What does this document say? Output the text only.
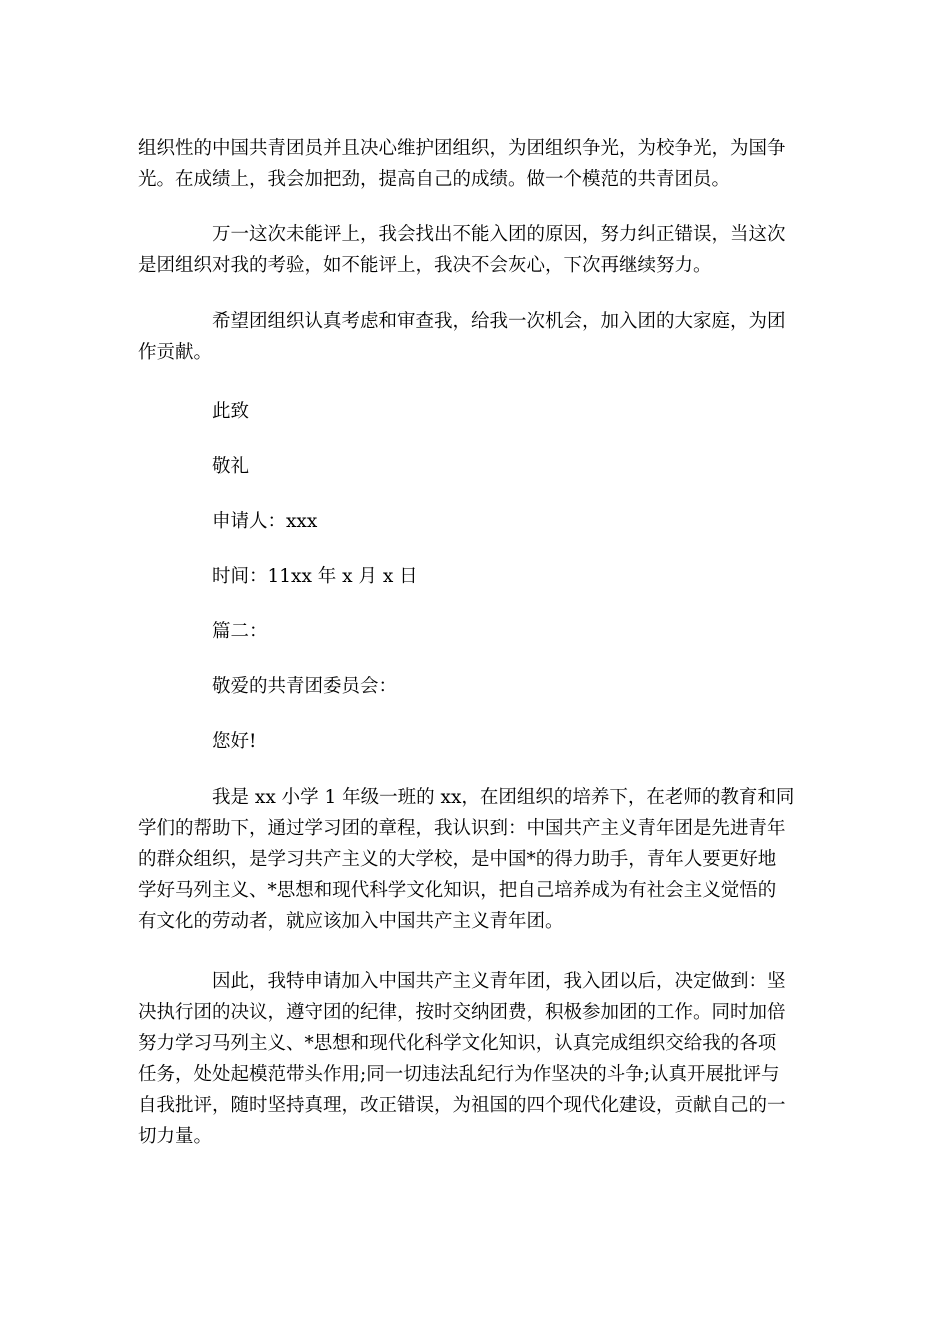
组织性的中国共青团员并且决心维护团组织，为团组织争光，为校争光，为国争
光。在成绩上，我会加把劲，提高自己的成绩。做一个模范的共青团员。

万一这次未能评上，我会找出不能入团的原因，努力纠正错误，当这次
是团组织对我的考验，如不能评上，我决不会灰心，下次再继续努力。

希望团组织认真考虑和审查我，给我一次机会，加入团的大家庭，为团
作贡献。

此致

敬礼

申请人：xxx

时间：11xx 年 x 月 x 日

篇二：

敬爱的共青团委员会：

您好!

我是 xx 小学 1 年级一班的 xx，在团组织的培养下，在老师的教育和同
学们的帮助下，通过学习团的章程，我认识到：中国共产主义青年团是先进青年
的群众组织，是学习共产主义的大学校，是中国*的得力助手，青年人要更好地
学好马列主义、*思想和现代科学文化知识，把自己培养成为有社会主义觉悟的
有文化的劳动者，就应该加入中国共产主义青年团。

因此，我特申请加入中国共产主义青年团，我入团以后，决定做到：坚
决执行团的决议，遵守团的纪律，按时交纳团费，积极参加团的工作。同时加倍
努力学习马列主义、*思想和现代化科学文化知识，认真完成组织交给我的各项
任务，处处起模范带头作用;同一切违法乱纪行为作坚决的斗争;认真开展批评与
自我批评，随时坚持真理，改正错误，为祖国的四个现代化建设，贡献自己的一
切力量。
